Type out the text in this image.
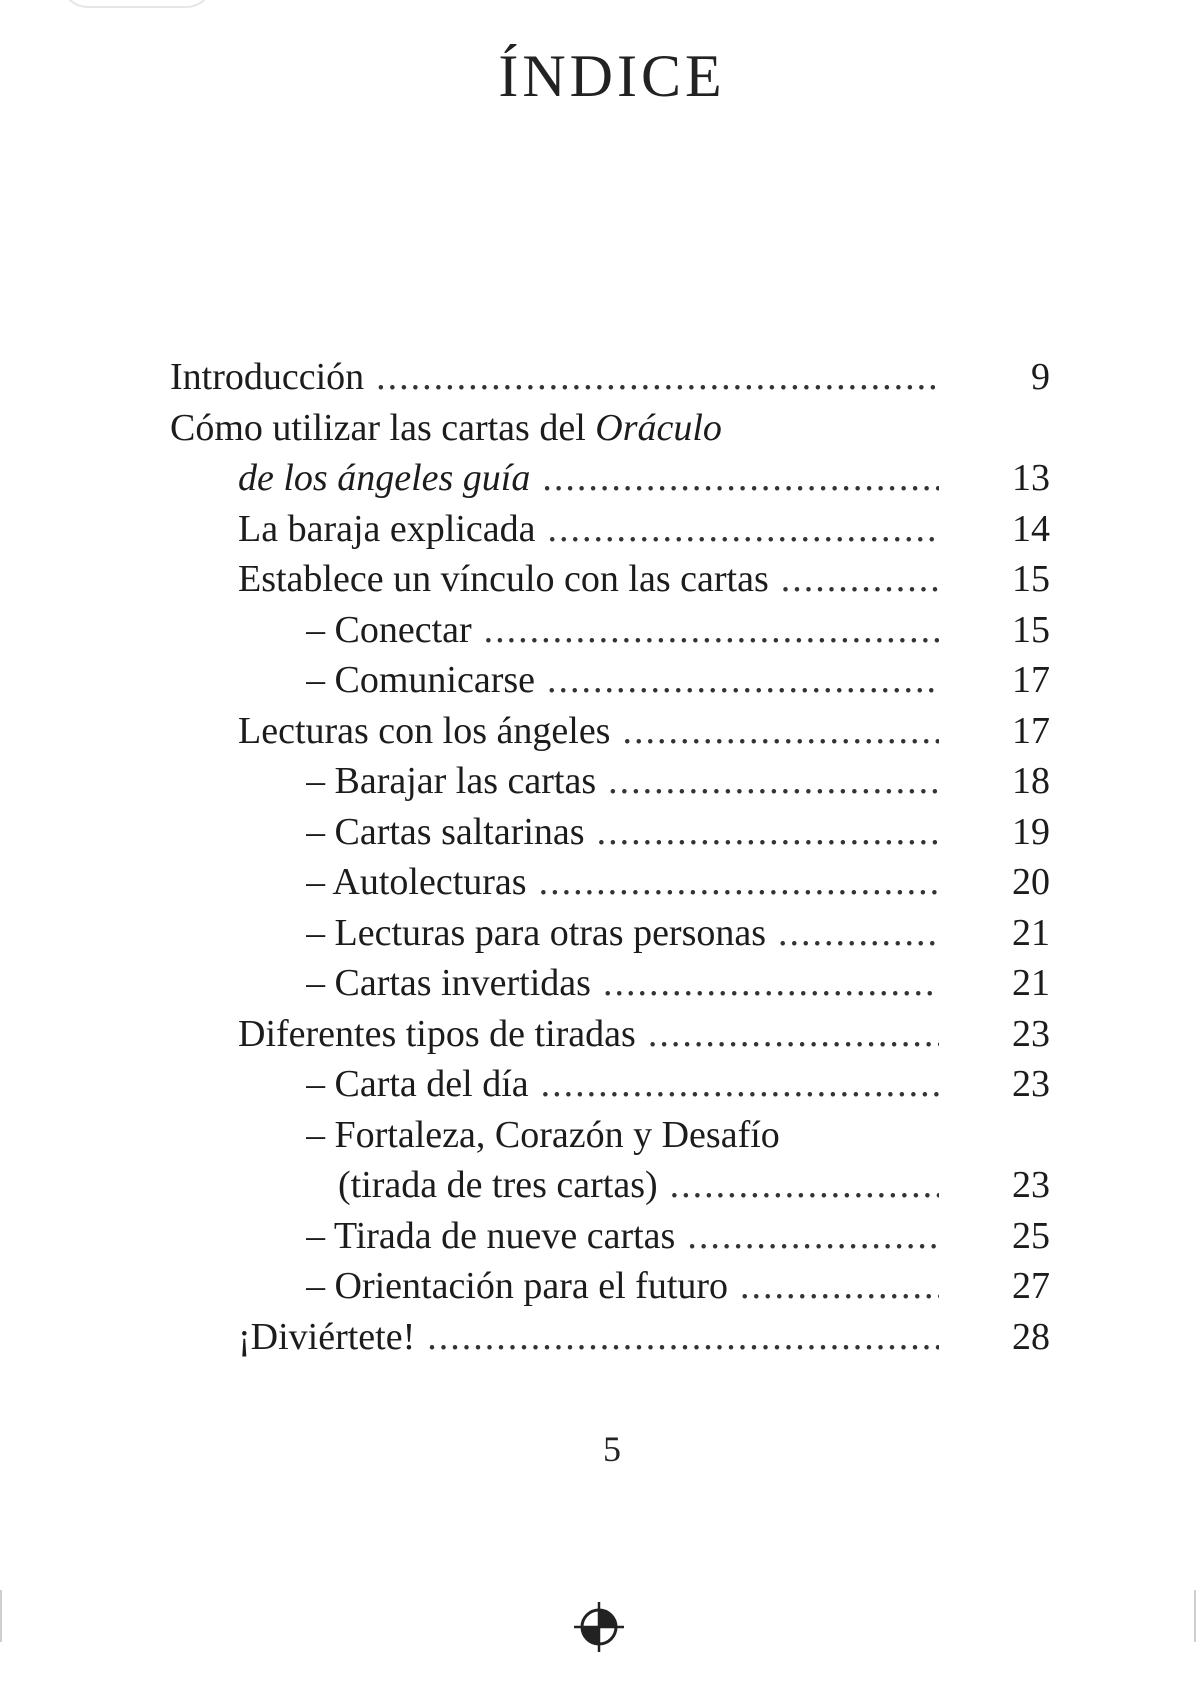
ÍNDICE
Introducción .....	9
Cómo utilizar las cartas del Oráculo
de los ángeles guía .....	13
La baraja explicada .....	14
Establece un vínculo con las cartas .....	15
– Conectar .....	15
– Comunicarse .....	17
Lecturas con los ángeles .....	17
– Barajar las cartas .....	18
– Cartas saltarinas .....	19
– Autolecturas .....	20
– Lecturas para otras personas .....	21
– Cartas invertidas .....	21
Diferentes tipos de tiradas .....	23
– Carta del día .....	23
– Fortaleza, Corazón y Desafío
(tirada de tres cartas) .....	23
– Tirada de nueve cartas .....	25
– Orientación para el futuro .....	27
¡Diviértete! .....	28
5
